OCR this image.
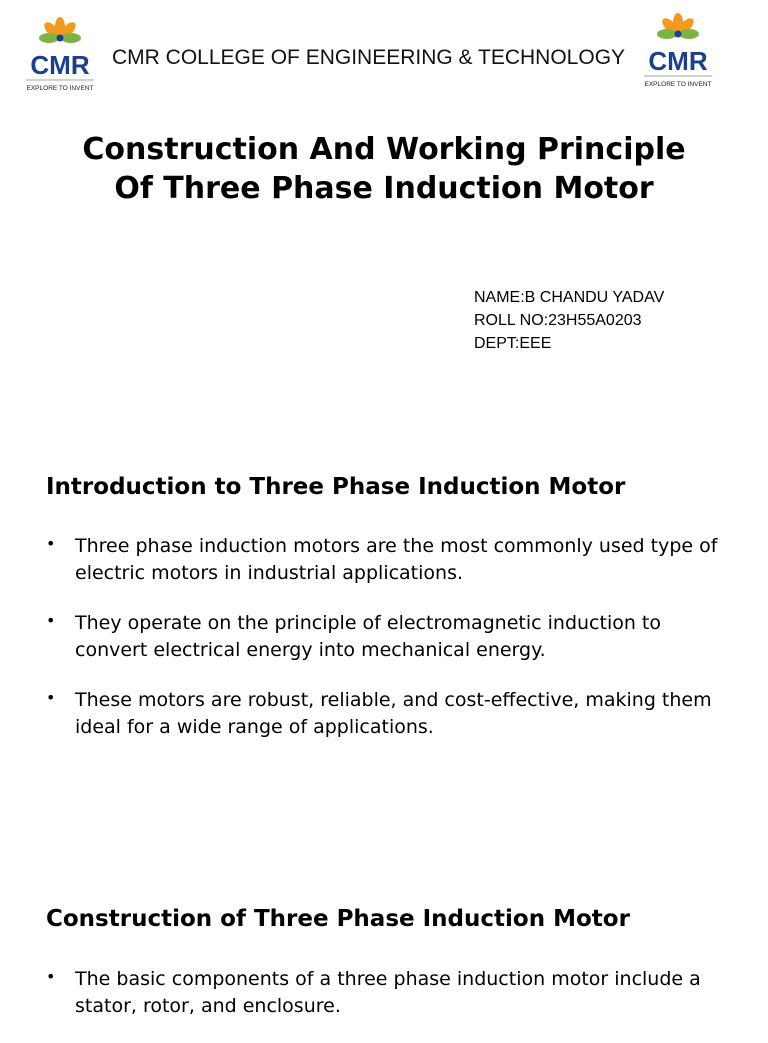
CMR
EXPLORE TO INVENT
CMR COLLEGE OF ENGINEERING & TECHNOLOGY CMR
EXPLORE TO INVENT
Construction And Working Principle
Of Three Phase Induction Motor
NAME:B CHANDU YADAV
ROLL NO:23H55A0203
DEPT:EEE
Introduction to Three Phase Induction Motor
• Three phase induction motors are the most commonly used type of electric motors in industrial applications.
• They operate on the principle of electromagnetic induction to convert electrical energy into mechanical energy.
• These motors are robust, reliable, and cost-effective, making them ideal for a wide range of applications.
Construction of Three Phase Induction Motor
• The basic components of a three phase induction motor include a stator, rotor, and enclosure.
